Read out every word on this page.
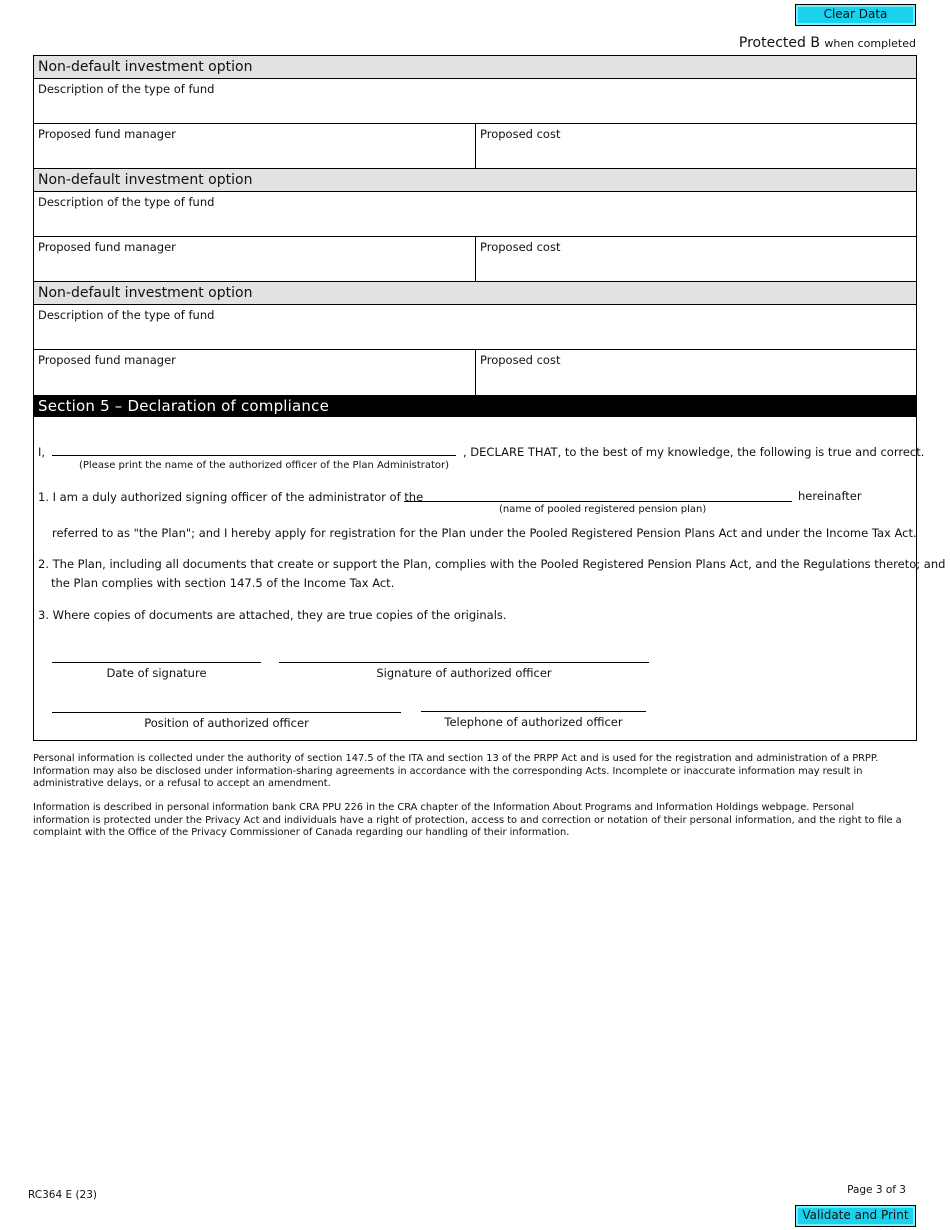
Clear Data
Protected B when completed
Non-default investment option
Description of the type of fund
Proposed fund manager	Proposed cost
Non-default investment option
Description of the type of fund
Proposed fund manager	Proposed cost
Non-default investment option
Description of the type of fund
Proposed fund manager	Proposed cost
Section 5 – Declaration of compliance
I,	, DECLARE THAT, to the best of my knowledge, the following is true and correct.
(Please print the name of the authorized officer of the Plan Administrator)
1. I am a duly authorized signing officer of the administrator of the	hereinafter
(name of pooled registered pension plan)
referred to as "the Plan"; and I hereby apply for registration for the Plan under the Pooled Registered Pension Plans Act and under the Income Tax Act.
2. The Plan, including all documents that create or support the Plan, complies with the Pooled Registered Pension Plans Act, and the Regulations thereto; and
the Plan complies with section 147.5 of the Income Tax Act.
3. Where copies of documents are attached, they are true copies of the originals.
Date of signature	Signature of authorized officer
Position of authorized officer	Telephone of authorized officer
Personal information is collected under the authority of section 147.5 of the ITA and section 13 of the PRPP Act and is used for the registration and administration of a PRPP. Information may also be disclosed under information-sharing agreements in accordance with the corresponding Acts. Incomplete or inaccurate information may result in administrative delays, or a refusal to accept an amendment.
Information is described in personal information bank CRA PPU 226 in the CRA chapter of the Information About Programs and Information Holdings webpage. Personal information is protected under the Privacy Act and individuals have a right of protection, access to and correction or notation of their personal information, and the right to file a complaint with the Office of the Privacy Commissioner of Canada regarding our handling of their information.
RC364 E (23)	Page 3 of 3
Validate and Print
